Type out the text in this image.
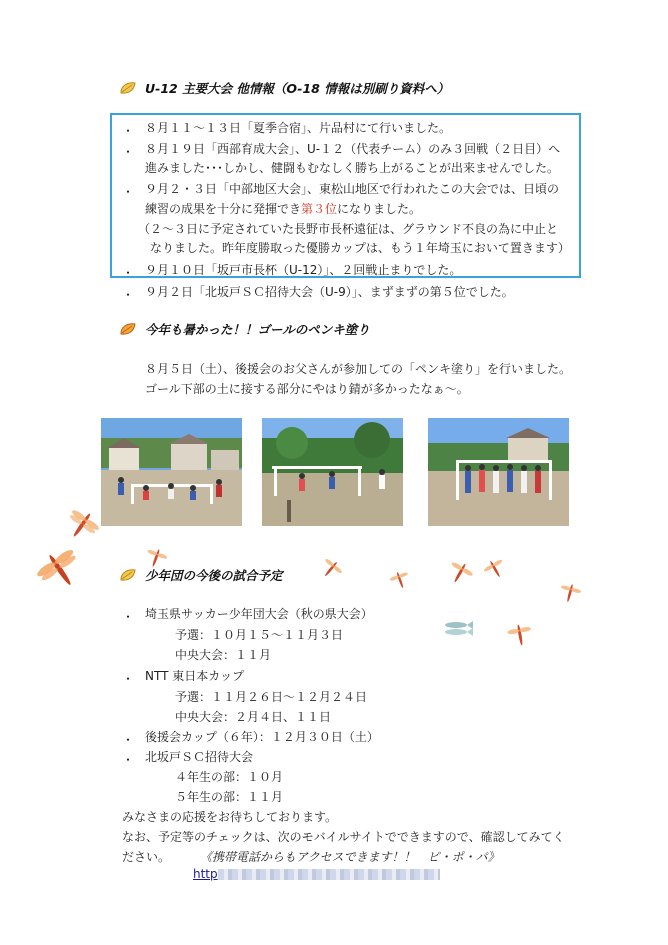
U-12 主要大会 他情報（O-18 情報は別刷り資料へ）
・ ８月１１～１３日「夏季合宿」、片品村にて行いました。
・ ８月１９日「西部育成大会」、U-１２（代表チーム）のみ３回戦（２日目）へ
進みました･･･しかし、健闘もむなしく勝ち上がることが出来ませんでした。
・ ９月２・３日「中部地区大会」、東松山地区で行われたこの大会では、日頃の
練習の成果を十分に発揮でき第３位になりました。
（２～３日に予定されていた長野市長杯遠征は、グラウンド不良の為に中止と
なりました。昨年度勝取った優勝カップは、もう１年埼玉において置きます）
・ ９月１０日「坂戸市長杯（U-12）」、２回戦止まりでした。
・ ９月２日「北坂戸ＳＣ招待大会（U-9）」、まずまずの第５位でした。
今年も暑かった！！ゴールのペンキ塗り
８月５日（土）、後援会のお父さんが参加しての「ペンキ塗り」を行いました。
ゴール下部の土に接する部分にやはり錆が多かったなぁ～。
少年団の今後の試合予定
・ 埼玉県サッカー少年団大会（秋の県大会）
予選：１０月１５～１１月３日
中央大会：１１月
・ NTT 東日本カップ
予選：１１月２６日～１２月２４日
中央大会：２月４日、１１日
・ 後援会カップ（６年）：１２月３０日（土）
・ 北坂戸ＳＣ招待大会
４年生の部：１０月
５年生の部：１１月
みなさまの応援をお待ちしております。
なお、予定等のチェックは、次のモバイルサイトでできますので、確認してみてく
ださい。 《携帯電話からもアクセスできます！！ ピ・ポ・パ》
http
